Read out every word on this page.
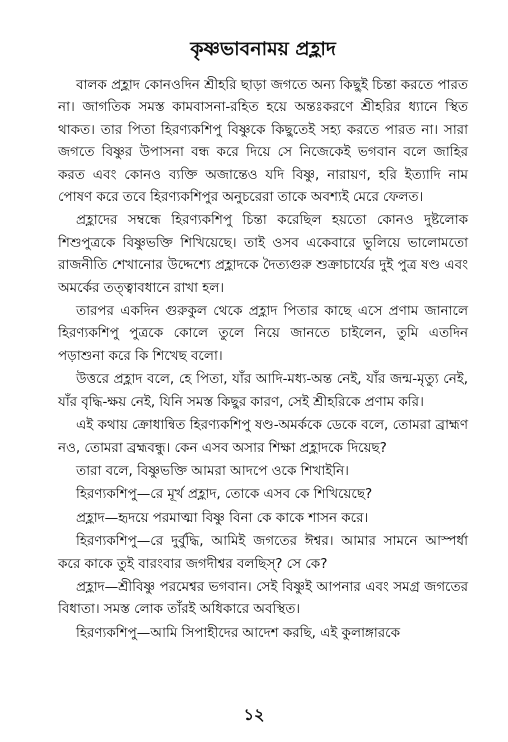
কৃষ্ণভাবনাময় প্রহ্লাদ

বালক প্রহ্লাদ কোনওদিন শ্রীহরি ছাড়া জগতে অন্য কিছুই চিন্তা করতে পারত না। জাগতিক সমস্ত কামবাসনা-রহিত হয়ে অন্তঃকরণে শ্রীহরির ধ্যানে স্থিত থাকত। তার পিতা হিরণ্যকশিপু বিষ্ণুকে কিছুতেই সহ্য করতে পারত না। সারা জগতে বিষ্ণুর উপাসনা বন্ধ করে দিয়ে সে নিজেকেই ভগবান বলে জাহির করত এবং কোনও ব্যক্তি অজান্তেও যদি বিষ্ণু, নারায়ণ, হরি ইত্যাদি নাম পোষণ করে তবে হিরণ্যকশিপুর অনুচরেরা তাকে অবশ্যই মেরে ফেলত।

প্রহ্লাদের সম্বন্ধে হিরণ্যকশিপু চিন্তা করেছিল হয়তো কোনও দুষ্টলোক শিশুপুত্রকে বিষ্ণুভক্তি শিখিয়েছে। তাই ওসব একেবারে ভুলিয়ে ভালোমতো রাজনীতি শেখানোর উদ্দেশ্যে প্রহ্লাদকে দৈত্যগুরু শুক্রাচার্যের দুই পুত্র ষণ্ড এবং অমর্কের তত্ত্বাবধানে রাখা হল।

তারপর একদিন গুরুকুল থেকে প্রহ্লাদ পিতার কাছে এসে প্রণাম জানালে হিরণ্যকশিপু পুত্রকে কোলে তুলে নিয়ে জানতে চাইলেন, তুমি এতদিন পড়াশুনা করে কি শিখেছ বলো।

উত্তরে প্রহ্লাদ বলে, হে পিতা, যাঁর আদি-মধ্য-অন্ত নেই, যাঁর জন্ম-মৃত্যু নেই, যাঁর বৃদ্ধি-ক্ষয় নেই, যিনি সমস্ত কিছুর কারণ, সেই শ্রীহরিকে প্রণাম করি।

এই কথায় ক্রোধান্বিত হিরণ্যকশিপু ষণ্ড-অমর্ককে ডেকে বলে, তোমরা ব্রাহ্মণ নও, তোমরা ব্রহ্মবন্ধু। কেন এসব অসার শিক্ষা প্রহ্লাদকে দিয়েছ?

তারা বলে, বিষ্ণুভক্তি আমরা আদপে ওকে শিখাইনি।

হিরণ্যকশিপু—রে মূর্খ প্রহ্লাদ, তোকে এসব কে শিখিয়েছে?

প্রহ্লাদ—হৃদয়ে পরমাত্মা বিষ্ণু বিনা কে কাকে শাসন করে।

হিরণ্যকশিপু—রে দুর্বুদ্ধি, আমিই জগতের ঈশ্বর। আমার সামনে আস্পর্ধা করে কাকে তুই বারংবার জগদীশ্বর বলছিস্? সে কে?

প্রহ্লাদ—শ্রীবিষ্ণু পরমেশ্বর ভগবান। সেই বিষ্ণুই আপনার এবং সমগ্র জগতের বিধাতা। সমস্ত লোক তাঁরই অধিকারে অবস্থিত।

হিরণ্যকশিপু—আমি সিপাহীদের আদেশ করছি, এই কুলাঙ্গারকে

১২
